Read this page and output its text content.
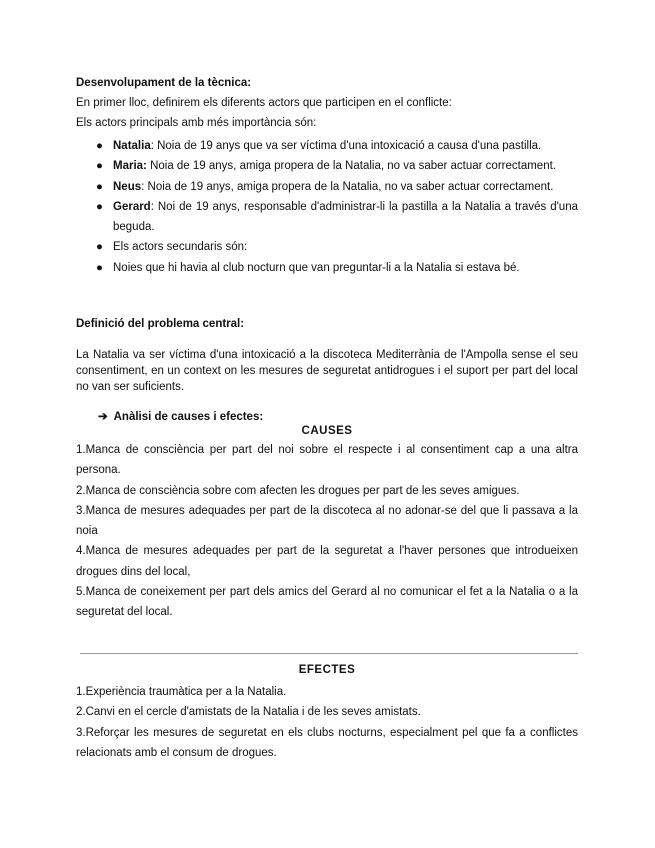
Desenvolupament de la tècnica:
En primer lloc, definirem els diferents actors que participen en el conflicte:
Els actors principals amb més importància són:
● Natalia: Noia de 19 anys que va ser víctima d'una intoxicació a causa d'una pastilla.
● Maria: Noia de 19 anys, amiga propera de la Natalia, no va saber actuar correctament.
● Neus: Noia de 19 anys, amiga propera de la Natalia, no va saber actuar correctament.
● Gerard: Noi de 19 anys, responsable d'administrar-li la pastilla a la Natalia a través d'una beguda.
● Els actors secundaris són:
● Noies que hi havia al club nocturn que van preguntar-li a la Natalia si estava bé.
Definició del problema central:
La Natalia va ser víctima d'una intoxicació a la discoteca Mediterrània de l'Ampolla sense el seu consentiment, en un context on les mesures de seguretat antidrogues i el suport per part del local no van ser suficients.
➔ Anàlisi de causes i efectes:
CAUSES
1.Manca de consciència per part del noi sobre el respecte i al consentiment cap a una altra persona.
2.Manca de consciència sobre com afecten les drogues per part de les seves amigues.
3.Manca de mesures adequades per part de la discoteca al no adonar-se del que li passava a la noia
4.Manca de mesures adequades per part de la seguretat a l'haver persones que introdueixen drogues dins del local,
5.Manca de coneixement per part dels amics del Gerard al no comunicar el fet a la Natalia o a la seguretat del local.
EFECTES
1.Experiència traumàtica per a la Natalia.
2.Canvi en el cercle d'amistats de la Natalia i de les seves amistats.
3.Reforçar les mesures de seguretat en els clubs nocturns, especialment pel que fa a conflictes relacionats amb el consum de drogues.
